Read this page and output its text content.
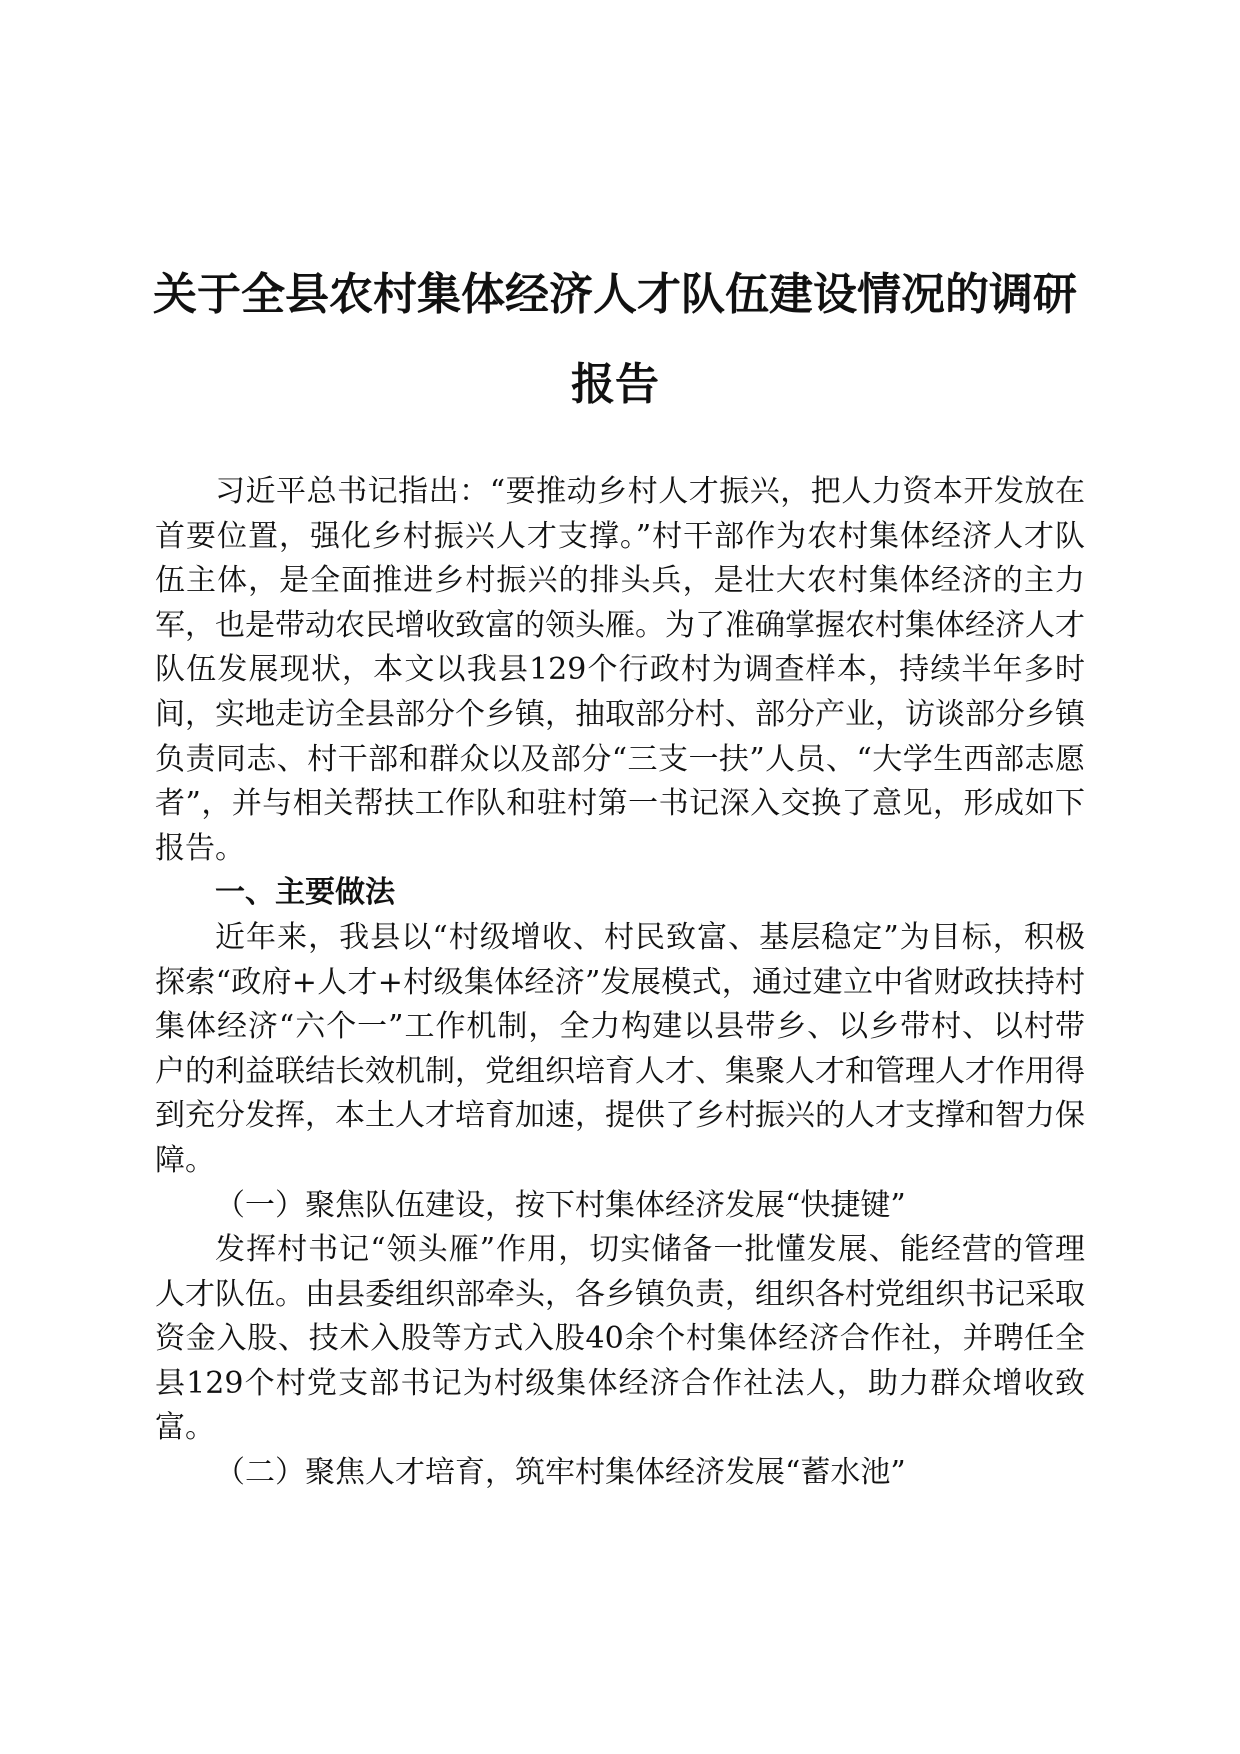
关于全县农村集体经济人才队伍建设情况的调研报告

习近平总书记指出：“要推动乡村人才振兴，把人力资本开发放在首要位置，强化乡村振兴人才支撑。”村干部作为农村集体经济人才队伍主体，是全面推进乡村振兴的排头兵，是壮大农村集体经济的主力军，也是带动农民增收致富的领头雁。为了准确掌握农村集体经济人才队伍发展现状，本文以我县129个行政村为调查样本，持续半年多时间，实地走访全县部分个乡镇，抽取部分村、部分产业，访谈部分乡镇负责同志、村干部和群众以及部分“三支一扶”人员、“大学生西部志愿者”，并与相关帮扶工作队和驻村第一书记深入交换了意见，形成如下报告。

一、主要做法

近年来，我县以“村级增收、村民致富、基层稳定”为目标，积极探索“政府+人才+村级集体经济”发展模式，通过建立中省财政扶持村集体经济“六个一”工作机制，全力构建以县带乡、以乡带村、以村带户的利益联结长效机制，党组织培育人才、集聚人才和管理人才作用得到充分发挥，本土人才培育加速，提供了乡村振兴的人才支撑和智力保障。

（一）聚焦队伍建设，按下村集体经济发展“快捷键”

发挥村书记“领头雁”作用，切实储备一批懂发展、能经营的管理人才队伍。由县委组织部牵头，各乡镇负责，组织各村党组织书记采取资金入股、技术入股等方式入股40余个村集体经济合作社，并聘任全县129个村党支部书记为村级集体经济合作社法人，助力群众增收致富。

（二）聚焦人才培育，筑牢村集体经济发展“蓄水池”
